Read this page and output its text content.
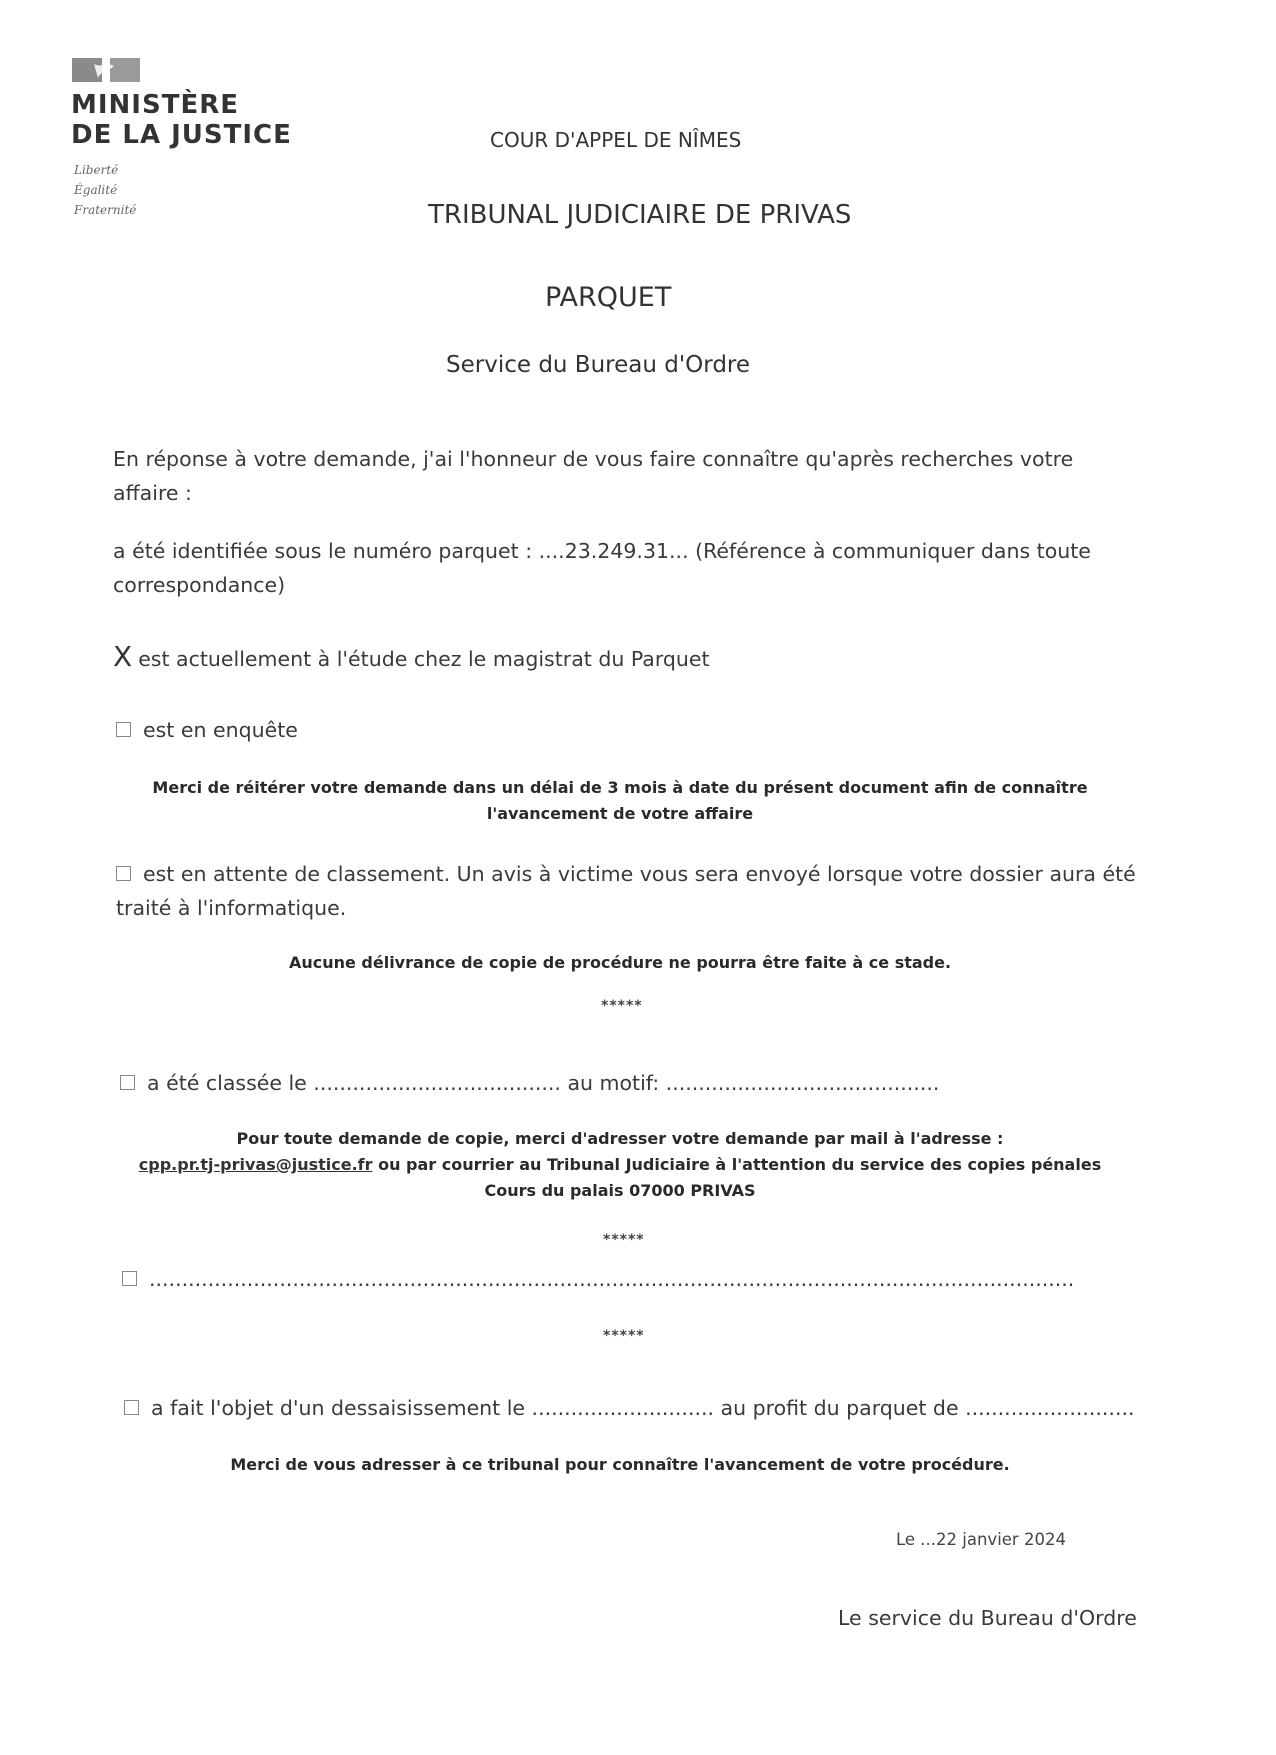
MINISTÈRE
DE LA JUSTICE
Liberté
Égalité
Fraternité
COUR D'APPEL DE NÎMES
TRIBUNAL JUDICIAIRE DE PRIVAS
PARQUET
Service du Bureau d'Ordre
En réponse à votre demande, j'ai l'honneur de vous faire connaître qu'après recherches votre
affaire :
a été identifiée sous le numéro parquet : ....23.249.31... (Référence à communiquer dans toute
correspondance)
X est actuellement à l'étude chez le magistrat du Parquet
est en enquête
Merci de réitérer votre demande dans un délai de 3 mois à date du présent document afin de connaître
l'avancement de votre affaire
est en attente de classement. Un avis à victime vous sera envoyé lorsque votre dossier aura été
traité à l'informatique.
Aucune délivrance de copie de procédure ne pourra être faite à ce stade.
*****
a été classée le ...................................... au motif: ..........................................
Pour toute demande de copie, merci d'adresser votre demande par mail à l'adresse :
cpp.pr.tj-privas@justice.fr ou par courrier au Tribunal Judiciaire à l'attention du service des copies pénales
Cours du palais 07000 PRIVAS
*****
..............................................................................................................................................
*****
a fait l'objet d'un dessaisissement le ............................ au profit du parquet de ..........................
Merci de vous adresser à ce tribunal pour connaître l'avancement de votre procédure.
Le ...22 janvier 2024
Le service du Bureau d'Ordre
